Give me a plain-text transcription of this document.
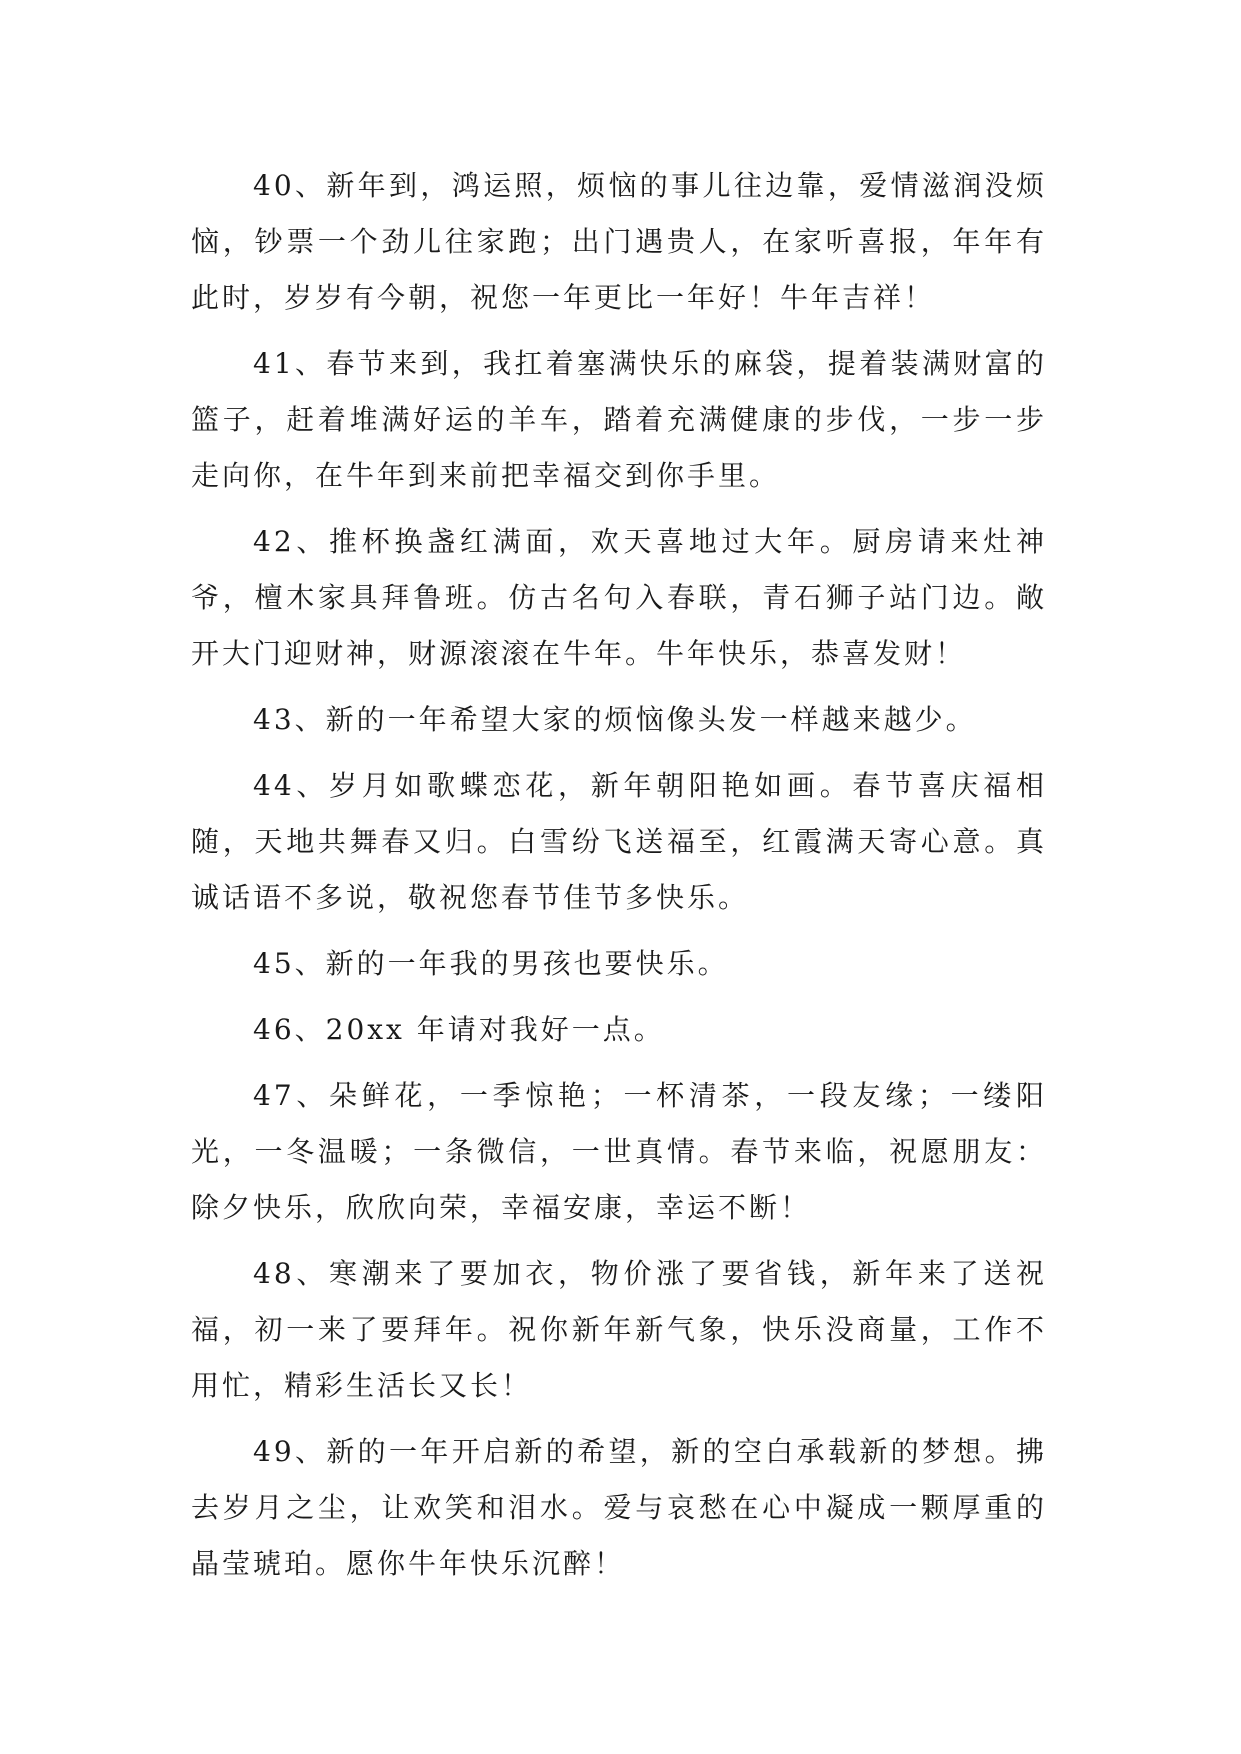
40、新年到，鸿运照，烦恼的事儿往边靠，爱情滋润没烦恼，钞票一个劲儿往家跑；出门遇贵人，在家听喜报，年年有此时，岁岁有今朝，祝您一年更比一年好！牛年吉祥！

41、春节来到，我扛着塞满快乐的麻袋，提着装满财富的篮子，赶着堆满好运的羊车，踏着充满健康的步伐，一步一步走向你，在牛年到来前把幸福交到你手里。

42、推杯换盏红满面，欢天喜地过大年。厨房请来灶神爷，檀木家具拜鲁班。仿古名句入春联，青石狮子站门边。敞开大门迎财神，财源滚滚在牛年。牛年快乐，恭喜发财！

43、新的一年希望大家的烦恼像头发一样越来越少。

44、岁月如歌蝶恋花，新年朝阳艳如画。春节喜庆福相随，天地共舞春又归。白雪纷飞送福至，红霞满天寄心意。真诚话语不多说，敬祝您春节佳节多快乐。

45、新的一年我的男孩也要快乐。

46、20xx 年请对我好一点。

47、朵鲜花，一季惊艳；一杯清茶，一段友缘；一缕阳光，一冬温暖；一条微信，一世真情。春节来临，祝愿朋友：除夕快乐，欣欣向荣，幸福安康，幸运不断！

48、寒潮来了要加衣，物价涨了要省钱，新年来了送祝福，初一来了要拜年。祝你新年新气象，快乐没商量，工作不用忙，精彩生活长又长！

49、新的一年开启新的希望，新的空白承载新的梦想。拂去岁月之尘，让欢笑和泪水。爱与哀愁在心中凝成一颗厚重的晶莹琥珀。愿你牛年快乐沉醉！
